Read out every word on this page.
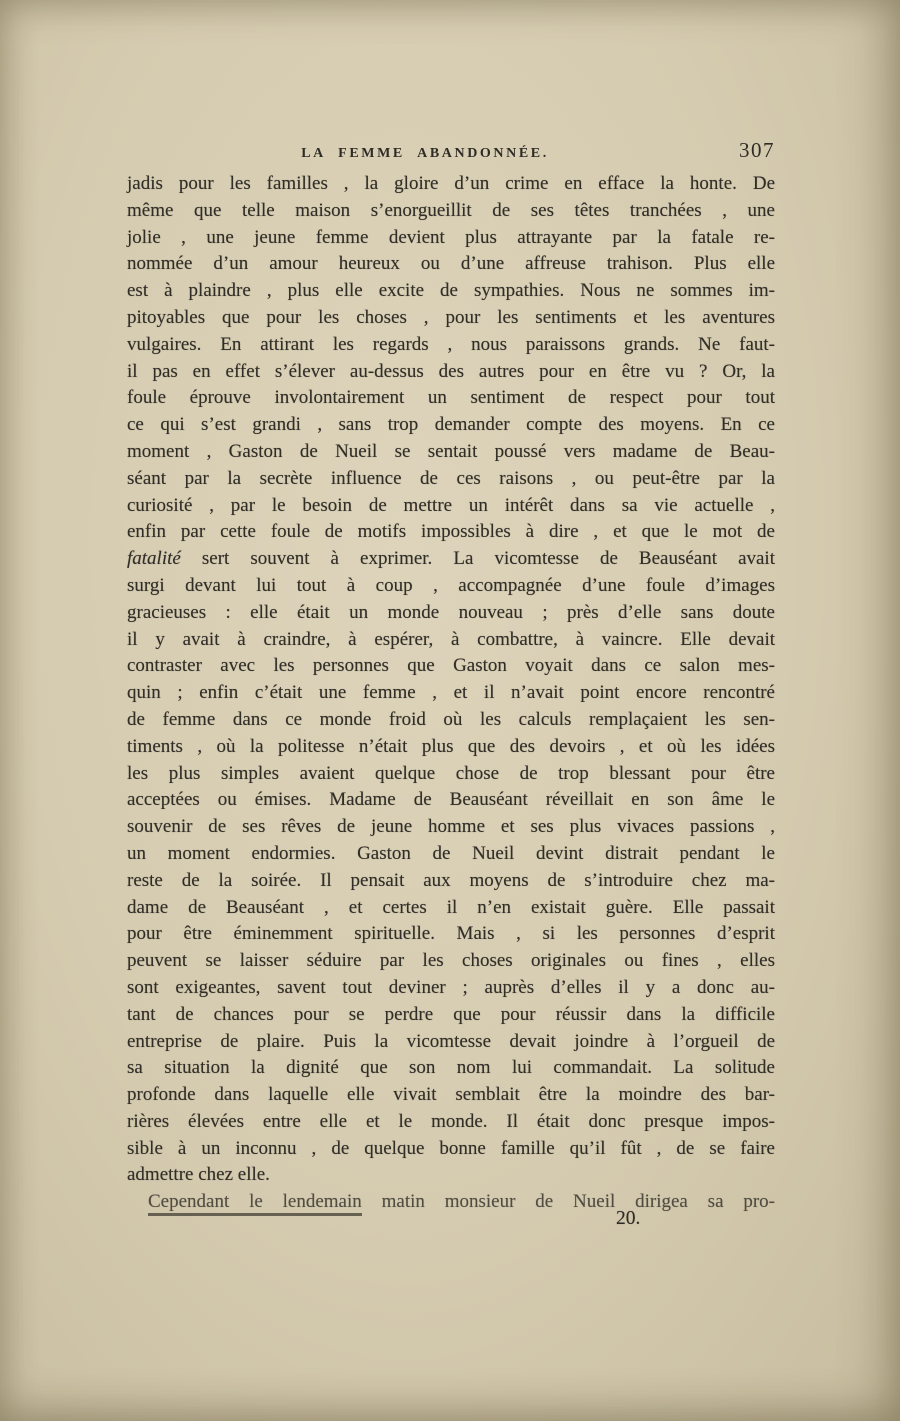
LA FEMME ABANDONNÉE.	307
jadis pour les familles , la gloire d’un crime en efface la honte. De
même que telle maison s’enorgueillit de ses têtes tranchées , une
jolie , une jeune femme devient plus attrayante par la fatale re-
nommée d’un amour heureux ou d’une affreuse trahison. Plus elle
est à plaindre , plus elle excite de sympathies. Nous ne sommes im-
pitoyables que pour les choses , pour les sentiments et les aventures
vulgaires. En attirant les regards , nous paraissons grands. Ne faut-
il pas en effet s’élever au-dessus des autres pour en être vu ? Or, la
foule éprouve involontairement un sentiment de respect pour tout
ce qui s’est grandi , sans trop demander compte des moyens. En ce
moment , Gaston de Nueil se sentait poussé vers madame de Beau-
séant par la secrète influence de ces raisons , ou peut-être par la
curiosité , par le besoin de mettre un intérêt dans sa vie actuelle ,
enfin par cette foule de motifs impossibles à dire , et que le mot de
fatalité sert souvent à exprimer. La vicomtesse de Beauséant avait
surgi devant lui tout à coup , accompagnée d’une foule d’images
gracieuses : elle était un monde nouveau ; près d’elle sans doute
il y avait à craindre, à espérer, à combattre, à vaincre. Elle devait
contraster avec les personnes que Gaston voyait dans ce salon mes-
quin ; enfin c’était une femme , et il n’avait point encore rencontré
de femme dans ce monde froid où les calculs remplaçaient les sen-
timents , où la politesse n’était plus que des devoirs , et où les idées
les plus simples avaient quelque chose de trop blessant pour être
acceptées ou émises. Madame de Beauséant réveillait en son âme le
souvenir de ses rêves de jeune homme et ses plus vivaces passions ,
un moment endormies. Gaston de Nueil devint distrait pendant le
reste de la soirée. Il pensait aux moyens de s’introduire chez ma-
dame de Beauséant , et certes il n’en existait guère. Elle passait
pour être éminemment spirituelle. Mais , si les personnes d’esprit
peuvent se laisser séduire par les choses originales ou fines , elles
sont exigeantes, savent tout deviner ; auprès d’elles il y a donc au-
tant de chances pour se perdre que pour réussir dans la difficile
entreprise de plaire. Puis la vicomtesse devait joindre à l’orgueil de
sa situation la dignité que son nom lui commandait. La solitude
profonde dans laquelle elle vivait semblait être la moindre des bar-
rières élevées entre elle et le monde. Il était donc presque impos-
sible à un inconnu , de quelque bonne famille qu’il fût , de se faire
admettre chez elle.
Cependant le lendemain matin monsieur de Nueil dirigea sa pro-
20.
